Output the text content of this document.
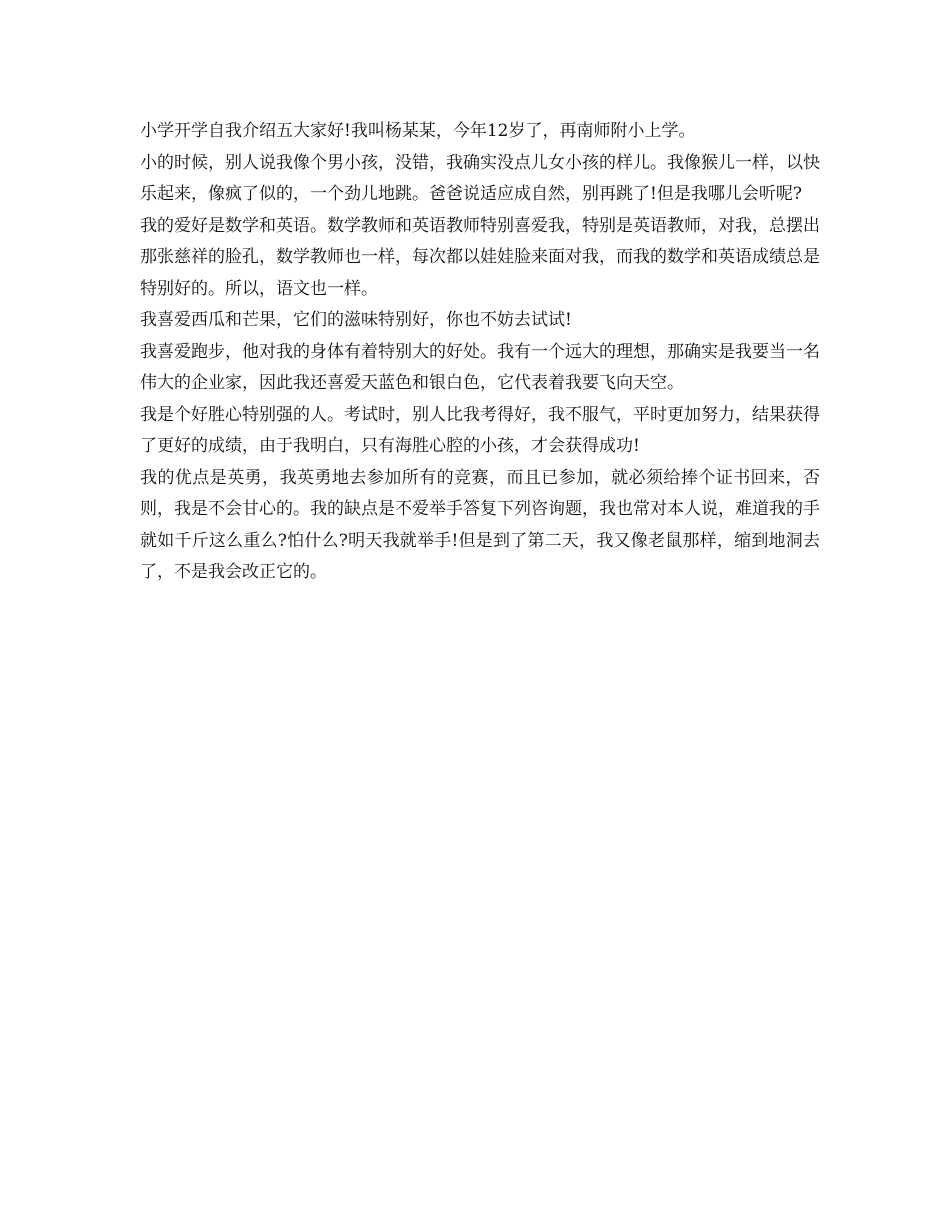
小学开学自我介绍五大家好!我叫杨某某，今年12岁了，再南师附小上学。

小的时候，别人说我像个男小孩，没错，我确实没点儿女小孩的样儿。我像猴儿一样，以快乐起来，像疯了似的，一个劲儿地跳。爸爸说适应成自然，别再跳了!但是我哪儿会听呢?

我的爱好是数学和英语。数学教师和英语教师特别喜爱我，特别是英语教师，对我，总摆出那张慈祥的脸孔，数学教师也一样，每次都以娃娃脸来面对我，而我的数学和英语成绩总是特别好的。所以，语文也一样。

我喜爱西瓜和芒果，它们的滋味特别好，你也不妨去试试!

我喜爱跑步，他对我的身体有着特别大的好处。我有一个远大的理想，那确实是我要当一名伟大的企业家，因此我还喜爱天蓝色和银白色，它代表着我要飞向天空。

我是个好胜心特别强的人。考试时，别人比我考得好，我不服气，平时更加努力，结果获得了更好的成绩，由于我明白，只有海胜心腔的小孩，才会获得成功!

我的优点是英勇，我英勇地去参加所有的竞赛，而且已参加，就必须给捧个证书回来，否则，我是不会甘心的。我的缺点是不爱举手答复下列咨询题，我也常对本人说，难道我的手就如千斤这么重么?怕什么?明天我就举手!但是到了第二天，我又像老鼠那样，缩到地洞去了，不是我会改正它的。
